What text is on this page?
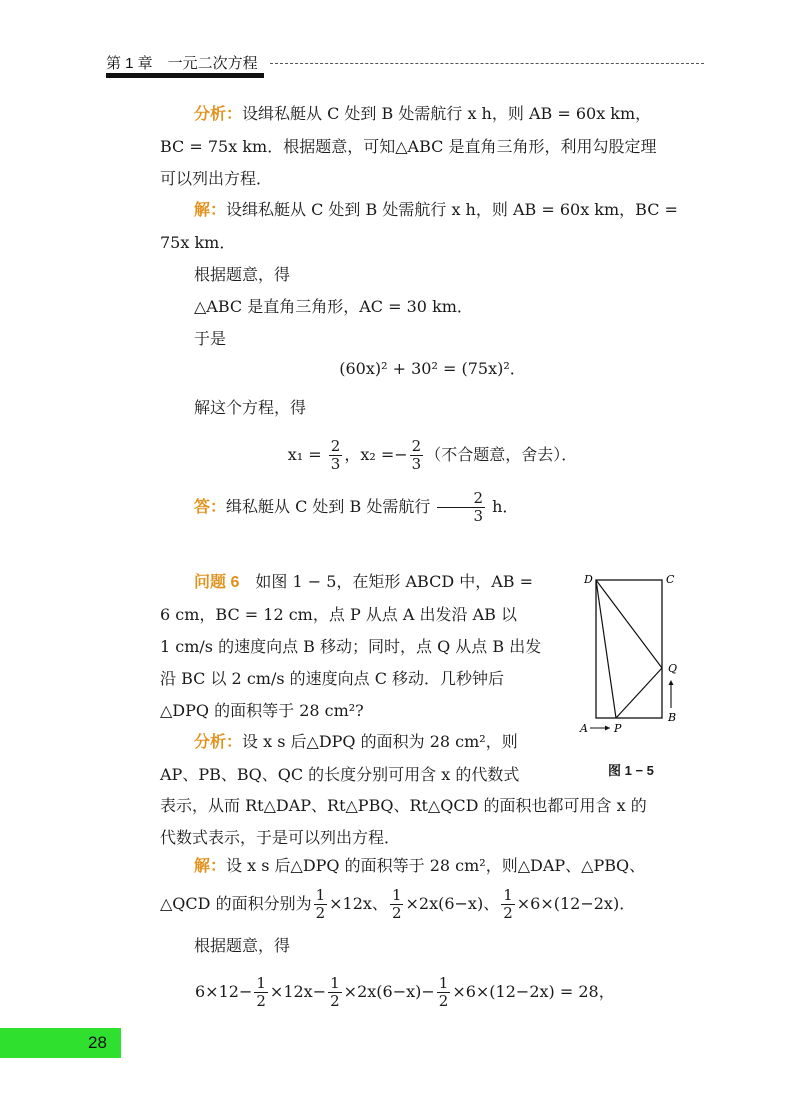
第 1 章　一元二次方程
分析：设缉私艇从 C 处到 B 处需航行 x h，则 AB = 60x km，
BC = 75x km．根据题意，可知△ABC 是直角三角形，利用勾股定理
可以列出方程．
解：设缉私艇从 C 处到 B 处需航行 x h，则 AB = 60x km，BC =
75x km．
根据题意，得
△ABC 是直角三角形，AC = 30 km．
于是
(60x)² + 30² = (75x)²．
解这个方程，得
$x_1 = \frac{2}{3}$ ，$x_2 =- \frac{2}{3}$ （不合题意，舍去）．
答：缉私艇从 C 处到 B 处需航行 $\frac{2}{3}$ h．
问题 6　 如图 1 − 5，在矩形 ABCD 中，AB =
6 cm，BC = 12 cm，点 P 从点 A 出发沿 AB 以
1 cm/s 的速度向点 B 移动；同时，点 Q 从点 B 出发
沿 BC 以 2 cm/s 的速度向点 C 移动．几秒钟后
△DPQ 的面积等于 28 cm²?
分析：设 x s 后△DPQ 的面积为 28 cm²，则
AP、PB、BQ、QC 的长度分别可用含 x 的代数式
表示，从而 Rt△DAP、Rt△PBQ、Rt△QCD 的面积也都可用含 x 的
代数式表示，于是可以列出方程．
解：设 x s 后△DPQ 的面积等于 28 cm²，则△DAP、△PBQ、
△QCD 的面积分别为 $\frac{1}{2} \times 12x$、 $\frac{1}{2} \times 2x(6-x)$、 $\frac{1}{2} \times 6\times(12-2x)$．
根据题意，得
$6\times 12- \frac{1}{2} \times 12x- \frac{1}{2} \times 2x(6-x)- \frac{1}{2} \times 6\times(12-2x) = 28$，
D	C
Q
B
A P
图 1 − 5
28
